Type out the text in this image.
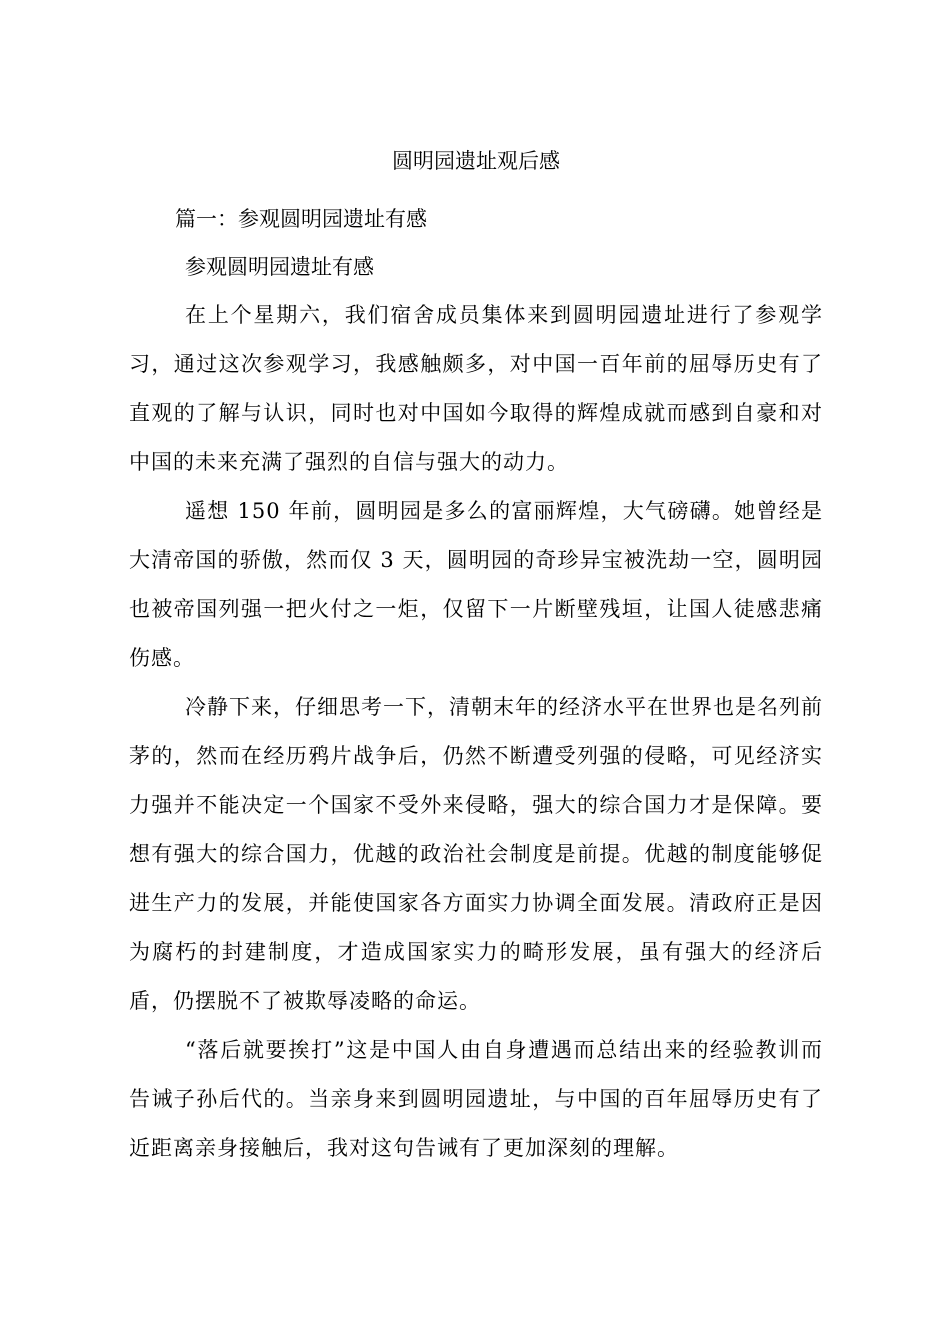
圆明园遗址观后感

篇一：参观圆明园遗址有感

参观圆明园遗址有感

在上个星期六，我们宿舍成员集体来到圆明园遗址进行了参观学习，通过这次参观学习，我感触颇多，对中国一百年前的屈辱历史有了直观的了解与认识，同时也对中国如今取得的辉煌成就而感到自豪和对中国的未来充满了强烈的自信与强大的动力。

遥想 150 年前，圆明园是多么的富丽辉煌，大气磅礴。她曾经是大清帝国的骄傲，然而仅 3 天，圆明园的奇珍异宝被洗劫一空，圆明园也被帝国列强一把火付之一炬，仅留下一片断壁残垣，让国人徒感悲痛伤感。

冷静下来，仔细思考一下，清朝末年的经济水平在世界也是名列前茅的，然而在经历鸦片战争后，仍然不断遭受列强的侵略，可见经济实力强并不能决定一个国家不受外来侵略，强大的综合国力才是保障。要想有强大的综合国力，优越的政治社会制度是前提。优越的制度能够促进生产力的发展，并能使国家各方面实力协调全面发展。清政府正是因为腐朽的封建制度，才造成国家实力的畸形发展，虽有强大的经济后盾，仍摆脱不了被欺辱凌略的命运。

“落后就要挨打”这是中国人由自身遭遇而总结出来的经验教训而告诫子孙后代的。当亲身来到圆明园遗址，与中国的百年屈辱历史有了近距离亲身接触后，我对这句告诫有了更加深刻的理解。
